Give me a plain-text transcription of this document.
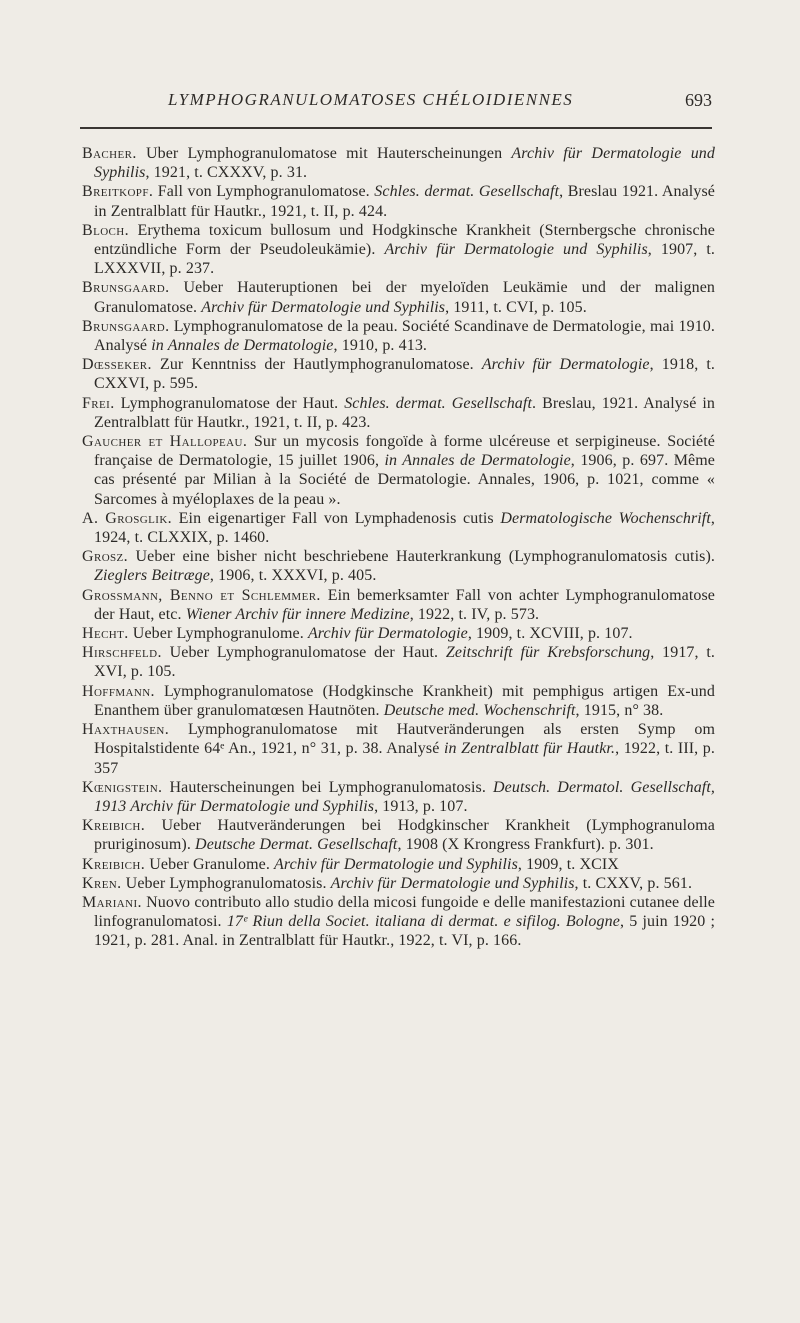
LYMPHOGRANULOMATOSES CHÉLOIDIENNES	693

Bacher. Uber Lymphogranulomatose mit Hauterscheinungen Archiv für Dermatologie und Syphilis, 1921, t. CXXXV, p. 31.

Breitkopf. Fall von Lymphogranulomatose. Schles. dermat. Gesellschaft, Breslau 1921. Analysé in Zentralblatt für Hautkr., 1921, t. II, p. 424.

Bloch. Erythema toxicum bullosum und Hodgkinsche Krankheit (Sternbergsche chronische entzündliche Form der Pseudoleukämie). Archiv für Dermatologie und Syphilis, 1907, t. LXXXVII, p. 237.

Brunsgaard. Ueber Hauteruptionen bei der myeloïden Leukämie und der malignen Granulomatose. Archiv für Dermatologie und Syphilis, 1911, t. CVI, p. 105.

Brunsgaard. Lymphogranulomatose de la peau. Société Scandinave de Dermatologie, mai 1910. Analysé in Annales de Dermatologie, 1910, p. 413.

Dœsseker. Zur Kenntniss der Hautlymphogranulomatose. Archiv für Dermatologie, 1918, t. CXXVI, p. 595.

Frei. Lymphogranulomatose der Haut. Schles. dermat. Gesellschaft. Breslau, 1921. Analysé in Zentralblatt für Hautkr., 1921, t. II, p. 423.

Gaucher et Hallopeau. Sur un mycosis fongoïde à forme ulcéreuse et serpigineuse. Société française de Dermatologie, 15 juillet 1906, in Annales de Dermatologie, 1906, p. 697. Même cas présenté par Milian à la Société de Dermatologie. Annales, 1906, p. 1021, comme « Sarcomes à myéloplaxes de la peau ».

A. Grosglik. Ein eigenartiger Fall von Lymphadenosis cutis Dermatologische Wochenschrift, 1924, t. CLXXIX, p. 1460.

Grosz. Ueber eine bisher nicht beschriebene Hauterkrankung (Lymphogranulomatosis cutis). Zieglers Beitræge, 1906, t. XXXVI, p. 405.

Grossmann, Benno et Schlemmer. Ein bemerksamter Fall von achter Lymphogranulomatose der Haut, etc. Wiener Archiv für innere Medizine, 1922, t. IV, p. 573.

Hecht. Ueber Lymphogranulome. Archiv für Dermatologie, 1909, t. XCVIII, p. 107.

Hirschfeld. Ueber Lymphogranulomatose der Haut. Zeitschrift für Krebsforschung, 1917, t. XVI, p. 105.

Hoffmann. Lymphogranulomatose (Hodgkinsche Krankheit) mit pemphigus artigen Ex-und Enanthem über granulomatœsen Hautnöten. Deutsche med. Wochenschrift, 1915, n° 38.

Haxthausen. Lymphogranulomatose mit Hautveränderungen als ersten Symp om Hospitalstidente 64ᵉ An., 1921, n° 31, p. 38. Analysé in Zentralblatt für Hautkr., 1922, t. III, p. 357

Kœnigstein. Hauterscheinungen bei Lymphogranulomatosis. Deutsch. Dermatol. Gesellschaft, 1913 Archiv für Dermatologie und Syphilis, 1913, p. 107.

Kreibich. Ueber Hautveränderungen bei Hodgkinscher Krankheit (Lymphogranuloma pruriginosum). Deutsche Dermat. Gesellschaft, 1908 (X Krongress Frankfurt). p. 301.

Kreibich. Ueber Granulome. Archiv für Dermatologie und Syphilis, 1909, t. XCIX

Kren. Ueber Lymphogranulomatosis. Archiv für Dermatologie und Syphilis, t. CXXV, p. 561.

Mariani. Nuovo contributo allo studio della micosi fungoide e delle manifestazioni cutanee delle linfogranulomatosi. 17ᵉ Riun della Societ. italiana di dermat. e sifilog. Bologne, 5 juin 1920 ; 1921, p. 281. Anal. in Zentralblatt für Hautkr., 1922, t. VI, p. 166.
